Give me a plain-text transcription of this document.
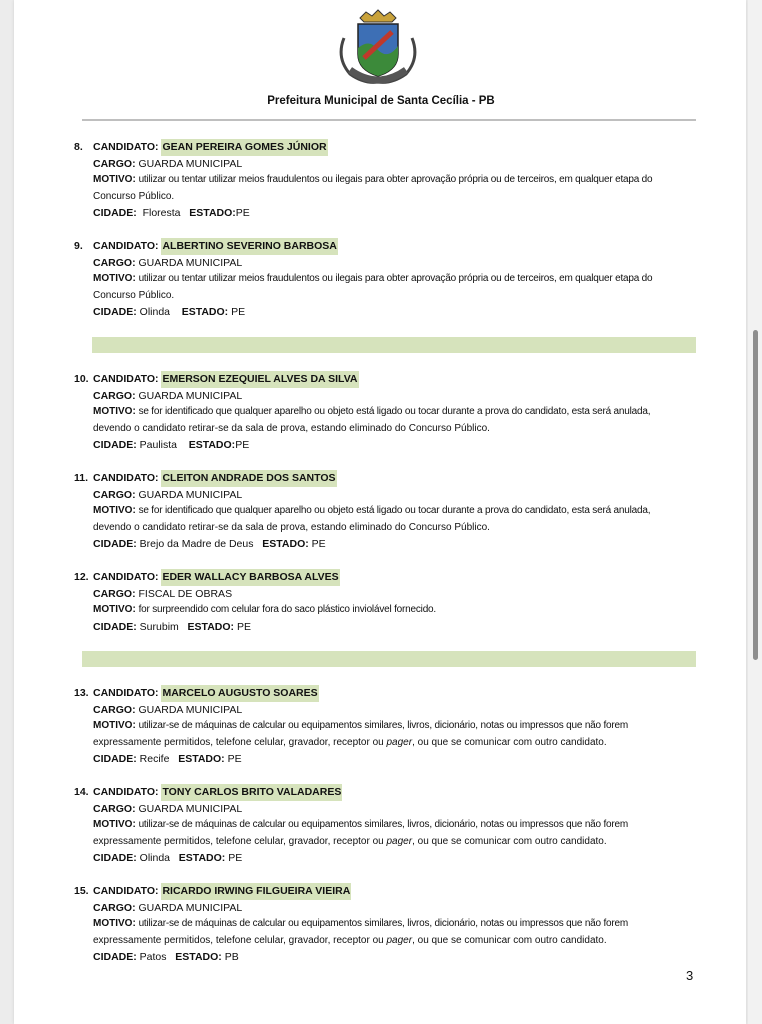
Prefeitura Municipal de Santa Cecília - PB
8. CANDIDATO:
GEAN PEREIRA GOMES JÚNIOR
CARGO: GUARDA MUNICIPAL
MOTIVO: utilizar ou tentar utilizar meios fraudulentos ou ilegais para obter aprovação própria ou de terceiros, em qualquer etapa do
Concurso Público.
CIDADE: Floresta ESTADO:PE
9. CANDIDATO:
ALBERTINO SEVERINO BARBOSA
CARGO: GUARDA MUNICIPAL
MOTIVO: utilizar ou tentar utilizar meios fraudulentos ou ilegais para obter aprovação própria ou de terceiros, em qualquer etapa do
Concurso Público.
CIDADE: Olinda ESTADO: PE
10. CANDIDATO:
EMERSON EZEQUIEL ALVES DA SILVA
CARGO: GUARDA MUNICIPAL
MOTIVO: se for identificado que qualquer aparelho ou objeto está ligado ou tocar durante a prova do candidato, esta será anulada,
devendo o candidato retirar-se da sala de prova, estando eliminado do Concurso Público.
CIDADE: Paulista ESTADO:PE
11. CANDIDATO:
CLEITON ANDRADE DOS SANTOS
CARGO: GUARDA MUNICIPAL
MOTIVO: se for identificado que qualquer aparelho ou objeto está ligado ou tocar durante a prova do candidato, esta será anulada,
devendo o candidato retirar-se da sala de prova, estando eliminado do Concurso Público.
CIDADE: Brejo da Madre de Deus ESTADO: PE
12. CANDIDATO:
EDER WALLACY BARBOSA ALVES
CARGO: FISCAL DE OBRAS
MOTIVO: for surpreendido com celular fora do saco plástico inviolável fornecido.
CIDADE: Surubim ESTADO: PE
13. CANDIDATO:
MARCELO AUGUSTO SOARES
CARGO: GUARDA MUNICIPAL
MOTIVO: utilizar-se de máquinas de calcular ou equipamentos similares, livros, dicionário, notas ou impressos que não forem
expressamente permitidos, telefone celular, gravador, receptor ou pager, ou que se comunicar com outro candidato.
CIDADE: Recife ESTADO: PE
14. CANDIDATO:
TONY CARLOS BRITO VALADARES
CARGO: GUARDA MUNICIPAL
MOTIVO: utilizar-se de máquinas de calcular ou equipamentos similares, livros, dicionário, notas ou impressos que não forem
expressamente permitidos, telefone celular, gravador, receptor ou pager, ou que se comunicar com outro candidato.
CIDADE: Olinda ESTADO: PE
15. CANDIDATO:
RICARDO IRWING FILGUEIRA VIEIRA
CARGO: GUARDA MUNICIPAL
MOTIVO: utilizar-se de máquinas de calcular ou equipamentos similares, livros, dicionário, notas ou impressos que não forem
expressamente permitidos, telefone celular, gravador, receptor ou pager, ou que se comunicar com outro candidato.
CIDADE: Patos ESTADO: PB
3
